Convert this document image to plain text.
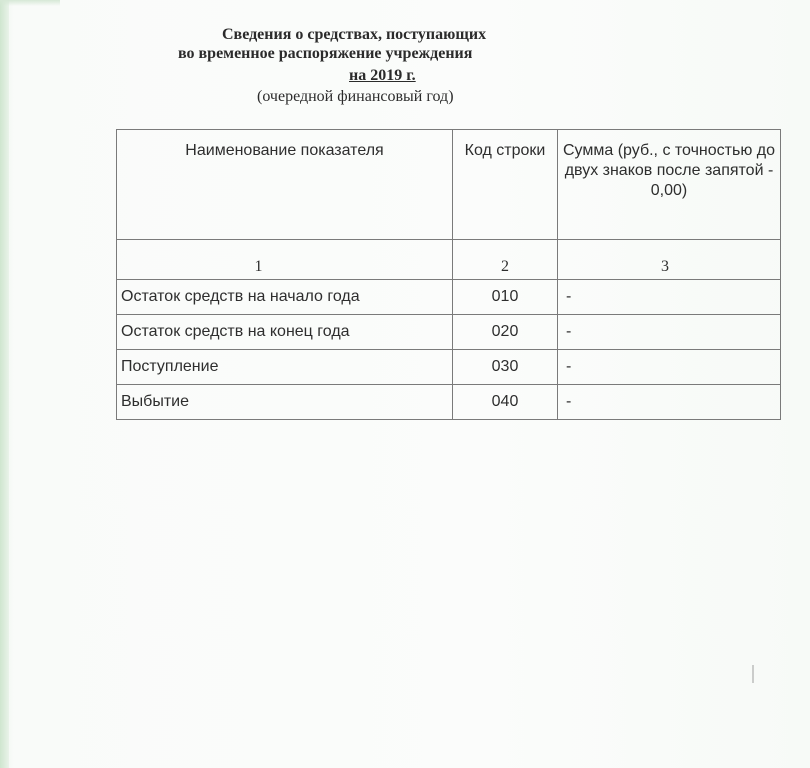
Сведения о средствах, поступающих
во временное распоряжение учреждения
на 2019 г.
(очередной финансовый год)
Наименование показателя	Код строки	Сумма (руб., с точностью до двух знаков после запятой - 0,00)
1	2	3
Остаток средств на начало года	010	-
Остаток средств на конец года	020	-
Поступление	030	-
Выбытие	040	-
